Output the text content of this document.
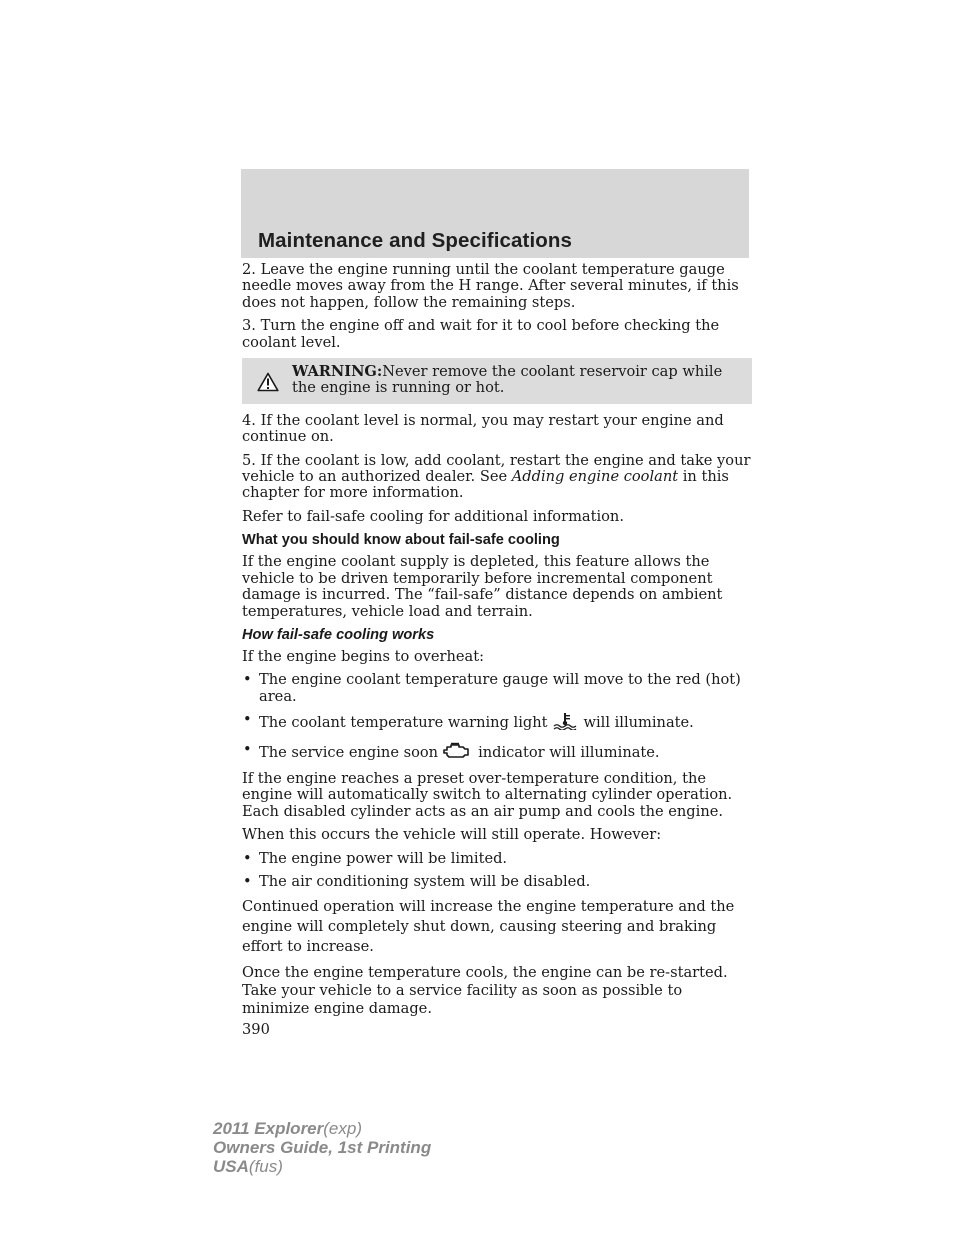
Maintenance and Specifications

2. Leave the engine running until the coolant temperature gauge needle moves away from the H range. After several minutes, if this does not happen, follow the remaining steps.

3. Turn the engine off and wait for it to cool before checking the coolant level.

WARNING:Never remove the coolant reservoir cap while the engine is running or hot.

4. If the coolant level is normal, you may restart your engine and continue on.

5. If the coolant is low, add coolant, restart the engine and take your vehicle to an authorized dealer. See Adding engine coolant in this chapter for more information.

Refer to fail-safe cooling for additional information.

What you should know about fail-safe cooling

If the engine coolant supply is depleted, this feature allows the vehicle to be driven temporarily before incremental component damage is incurred. The “fail-safe” distance depends on ambient temperatures, vehicle load and terrain.

How fail-safe cooling works

If the engine begins to overheat:

• The engine coolant temperature gauge will move to the red (hot) area.
• The coolant temperature warning light will illuminate.
• The service engine soon	indicator will illuminate.

If the engine reaches a preset over-temperature condition, the engine will automatically switch to alternating cylinder operation. Each disabled cylinder acts as an air pump and cools the engine.

When this occurs the vehicle will still operate. However:

• The engine power will be limited.
• The air conditioning system will be disabled.

Continued operation will increase the engine temperature and the engine will completely shut down, causing steering and braking effort to increase.

Once the engine temperature cools, the engine can be re-started. Take your vehicle to a service facility as soon as possible to minimize engine damage.

390
2011 Explorer(exp)
Owners Guide, 1st Printing
USA(fus)
